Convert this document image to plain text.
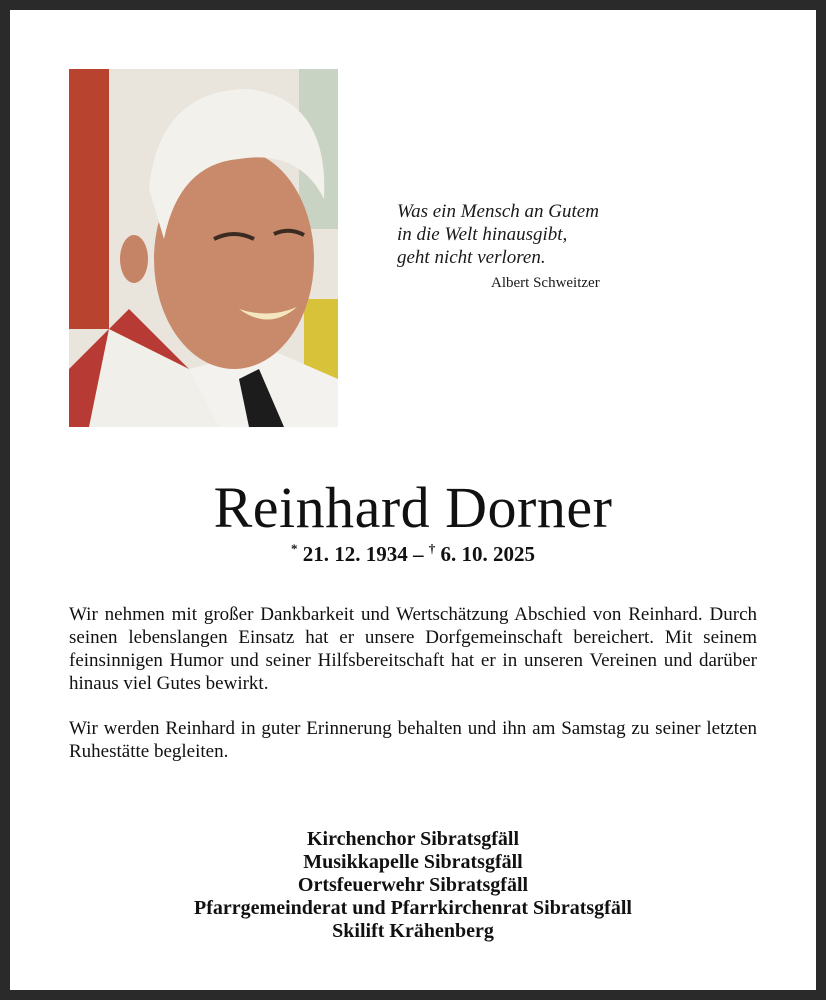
Was ein Mensch an Gutem
in die Welt hinausgibt,
geht nicht verloren.
Albert Schweitzer
Reinhard Dorner
* 21. 12. 1934 – † 6. 10. 2025

Wir nehmen mit großer Dankbarkeit und Wertschätzung Abschied von Reinhard. Durch seinen lebenslangen Einsatz hat er unsere Dorfgemeinschaft bereichert. Mit seinem feinsinnigen Humor und seiner Hilfsbereitschaft hat er in unseren Vereinen und darüber hinaus viel Gutes bewirkt.

Wir werden Reinhard in guter Erinnerung behalten und ihn am Samstag zu seiner letzten Ruhestätte begleiten.

Kirchenchor Sibratsgfäll
Musikkapelle Sibratsgfäll
Ortsfeuerwehr Sibratsgfäll
Pfarrgemeinderat und Pfarrkirchenrat Sibratsgfäll
Skilift Krähenberg
